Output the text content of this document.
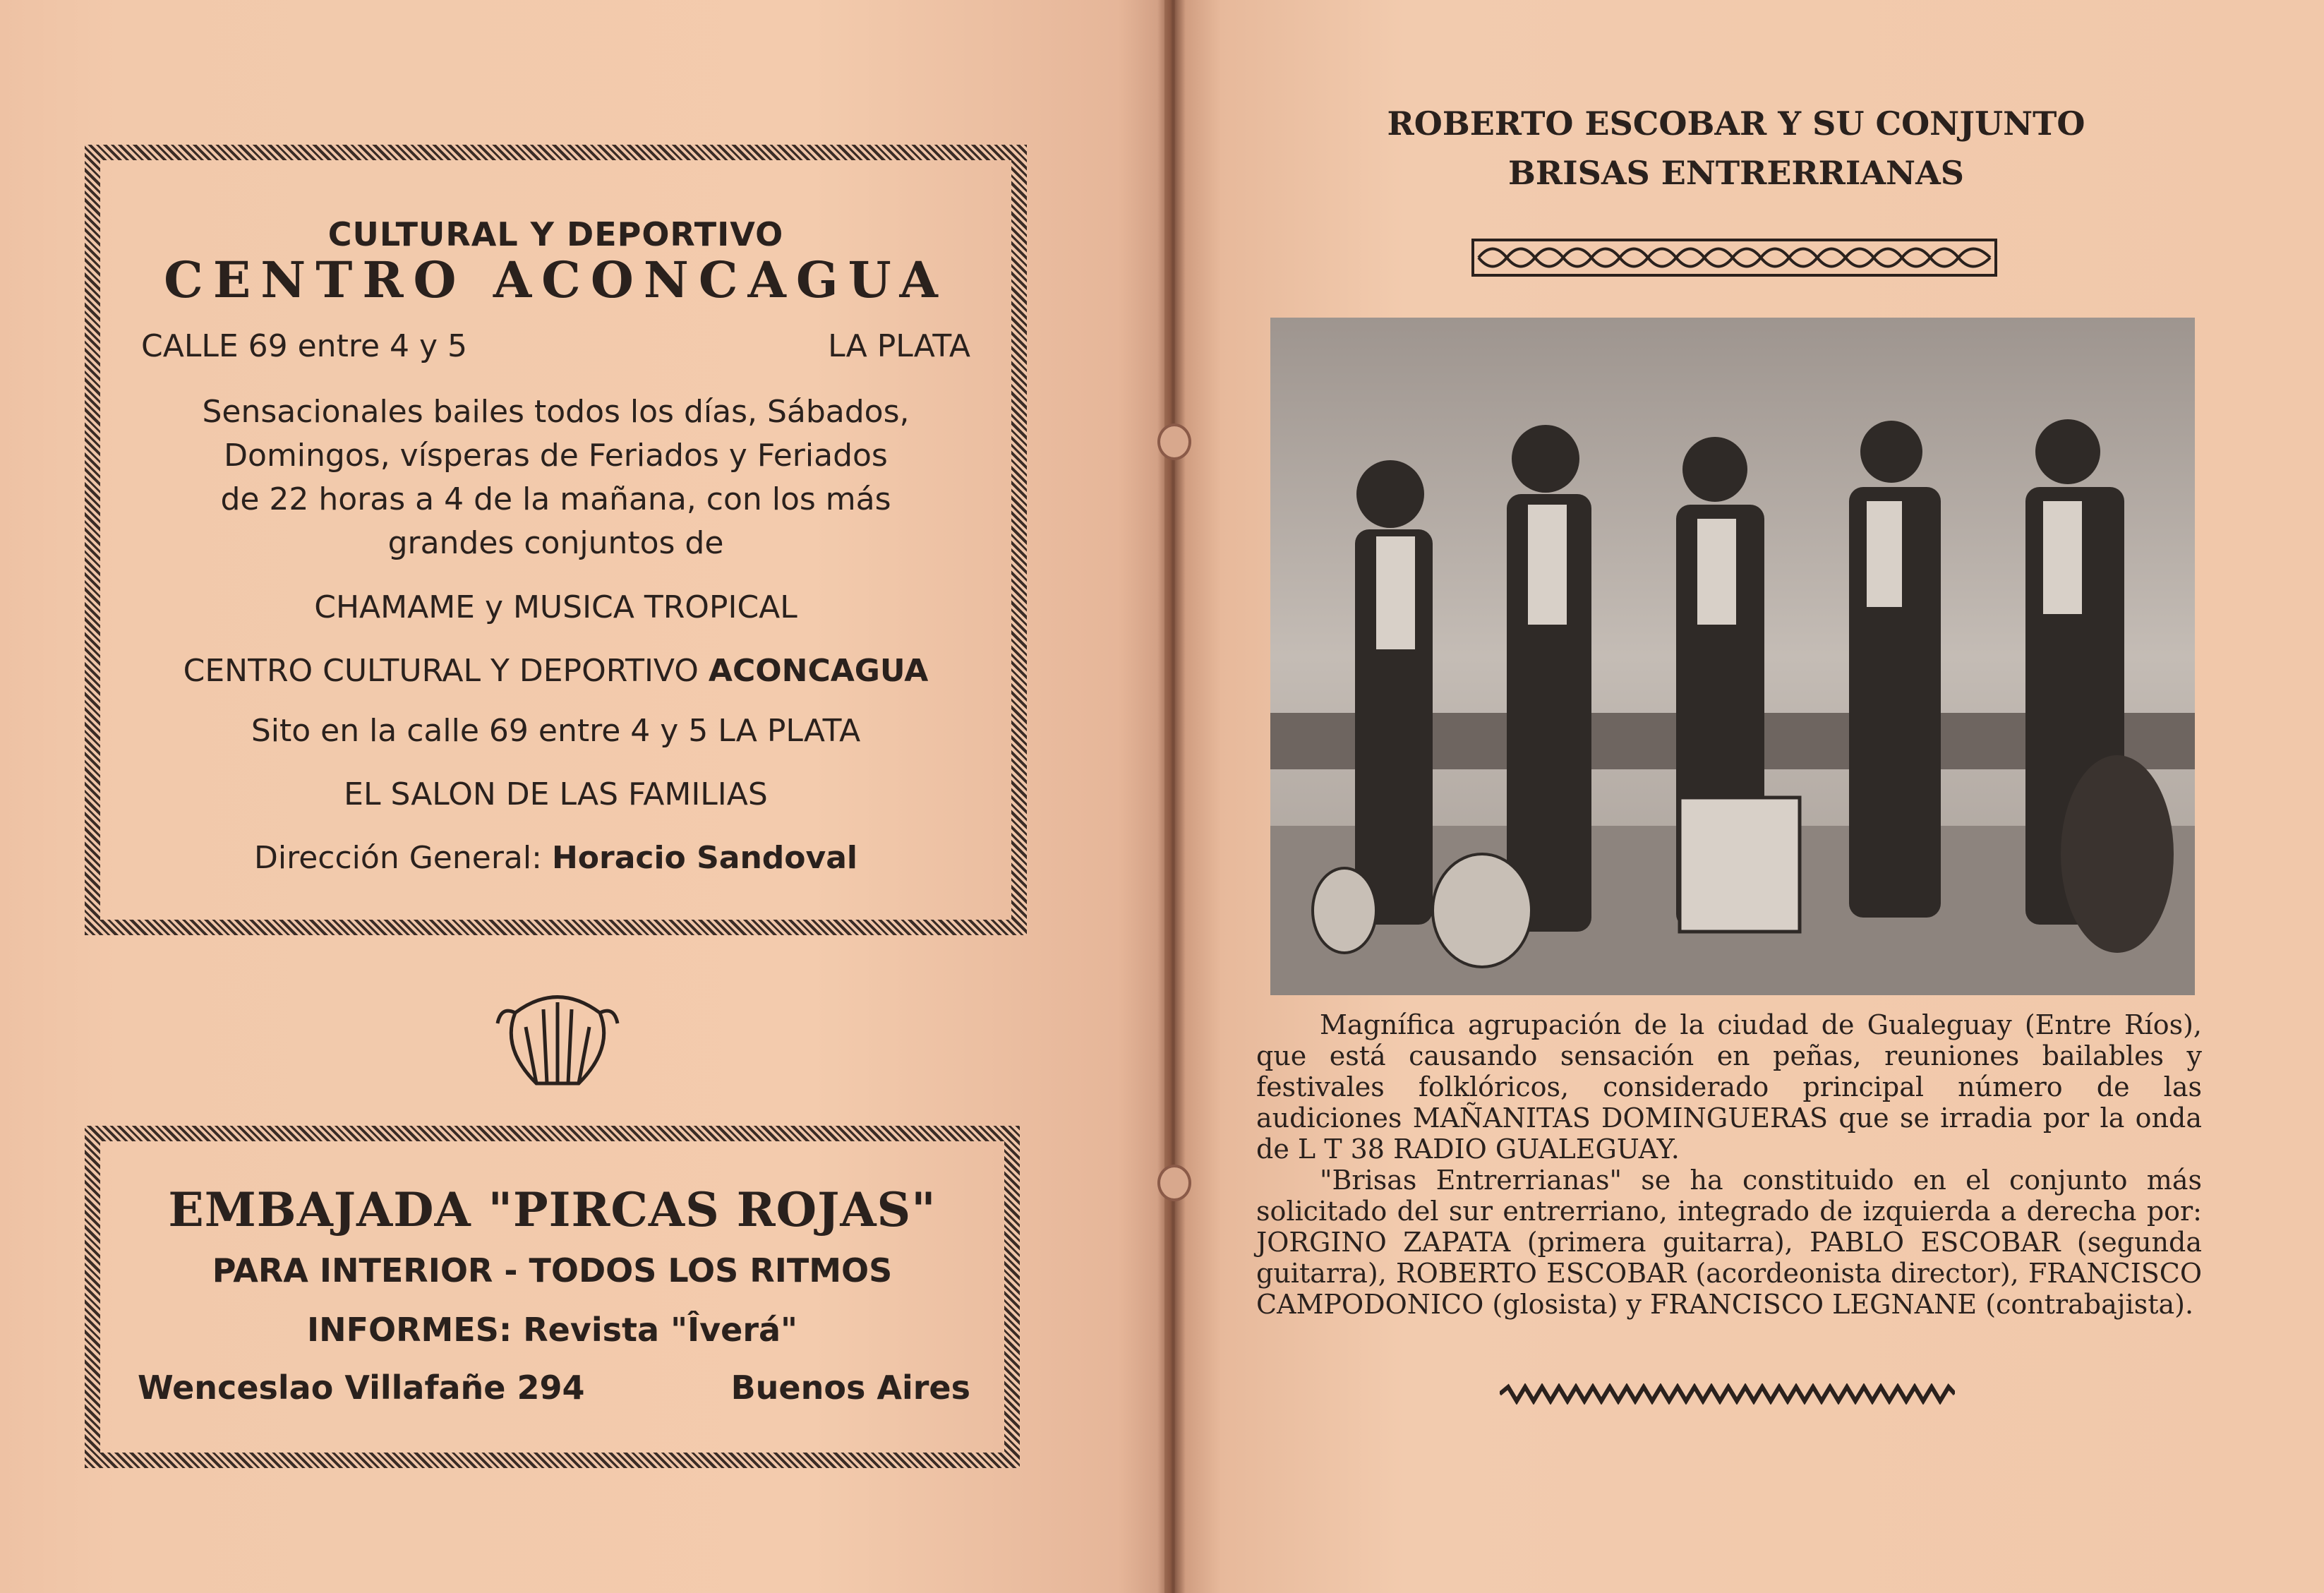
CULTURAL Y DEPORTIVO
CENTRO ACONCAGUA
CALLE 69 entre 4 y 5	LA PLATA
Sensacionales bailes todos los días, Sábados,
Domingos, vísperas de Feriados y Feriados
de 22 horas a 4 de la mañana, con los más
grandes conjuntos de
CHAMAME y MUSICA TROPICAL
CENTRO CULTURAL Y DEPORTIVO ACONCAGUA
Sito en la calle 69 entre 4 y 5 LA PLATA
EL SALON DE LAS FAMILIAS
Dirección General: Horacio Sandoval
EMBAJADA "PIRCAS ROJAS"
PARA INTERIOR - TODOS LOS RITMOS
INFORMES: Revista "Îverá"
Wenceslao Villafañe 294	Buenos Aires
ROBERTO ESCOBAR Y SU CONJUNTO
BRISAS ENTRERRIANAS

Magnífica agrupación de la ciudad de Gualeguay (Entre Ríos), que está causando sensación en peñas, reuniones bailables y festivales folklóricos, considerado principal número de las audiciones MAÑANITAS DOMINGUERAS que se irradia por la onda de L T 38 RADIO GUALEGUAY.

"Brisas Entrerrianas" se ha constituido en el conjunto más solicitado del sur entrerriano, integrado de izquierda a derecha por: JORGINO ZAPATA (primera guitarra), PABLO ESCOBAR (segunda guitarra), ROBERTO ESCOBAR (acordeonista director), FRANCISCO CAMPODONICO (glosista) y FRANCISCO LEGNANE (contrabajista).
